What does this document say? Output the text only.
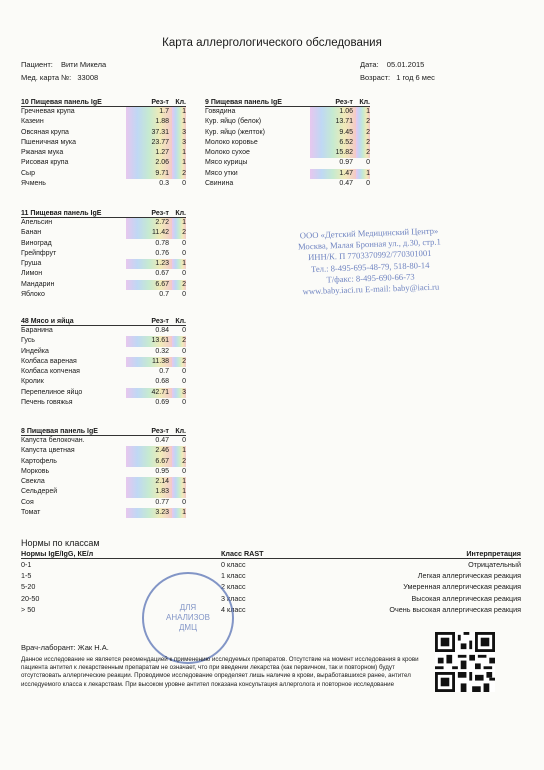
Карта аллергологического обследования
Пациент: Вити Микела
Мед. карта №: 33008
Дата: 05.01.2015
Возраст: 1 год 6 мес
10 Пищевая панель IgE	Рез-т Кл.
Гречневая крупа	1.7	1
Казеин	1.88	1
Овсяная крупа	37.31	3
Пшеничная мука	23.77	3
Ржаная мука	1.27	1
Рисовая крупа	2.06	1
Сыр	9.71	2
Ячмень	0.3	0
11 Пищевая панель IgE	Рез-т Кл.
Апельсин	2.72	1
Банан	11.42	2
Виноград	0.78	0
Грейпфрут	0.76	0
Груша	1.23	1
Лимон	0.67	0
Мандарин	6.67	2
Яблоко	0.7	0
48 Мясо и яйца	Рез-т Кл.
Баранина	0.84	0
Гусь	13.61	2
Индейка	0.32	0
Колбаса вареная	11.38	2
Колбаса копченая	0.7	0
Кролик	0.68	0
Перепелиное яйцо	42.71	3
Печень говяжья	0.69	0
8 Пищевая панель IgE	Рез-т Кл.
Капуста белокочан.	0.47	0
Капуста цветная	2.46	1
Картофель	6.67	2
Морковь	0.95	0
Свекла	2.14	1
Сельдерей	1.83	1
Соя	0.77	0
Томат	3.23	1
9 Пищевая панель IgE	Рез-т Кл.
Говядина	1.06	1
Кур. яйцо (белок)	13.71	2
Кур. яйцо (желток)	9.45	2
Молоко коровье	6.52	2
Молоко сухое	15.82	2
Мясо курицы	0.97	0
Мясо утки	1.47	1
Свинина	0.47	0
ООО «Детский Медицинский Центр»
Москва, Малая Бронная ул., д.30, стр.1
ИНН/К. П 7703370992/770301001
Тел.: 8-495-695-48-79, 518-80-14
Т/факс: 8-495-690-66-73
www.baby.iaci.ru E-mail: baby@iaci.ru
Нормы по классам
Нормы IgE/IgG, КЕ/л	Класс RAST	Интерпретация
0-1	0 класс	Отрицательный
1-5	1 класс	Легкая аллергическая реакция
5-20	2 класс	Умеренная аллергическая реакция
20-50	3 класс	Высокая аллергическая реакция
> 50	4 класс	Очень высокая аллергическая реакция
ДЛЯ
АНАЛИЗОВ
ДМЦ
Врач-лаборант: Жак Н.А.
Данное исследование не является рекомендацией к применению исследуемых препаратов. Отсутствие на момент исследования в крови пациента антител к лекарственным препаратам не означает, что при введении лекарства (как первичном, так и повторном) будут отсутствовать аллергические реакции. Проводимое исследование определяет лишь наличие в крови, выработавшихся ранее, антител исследуемого класса к лекарствам. При высоком уровне антител показана консультация аллерголога и повторное исследование
